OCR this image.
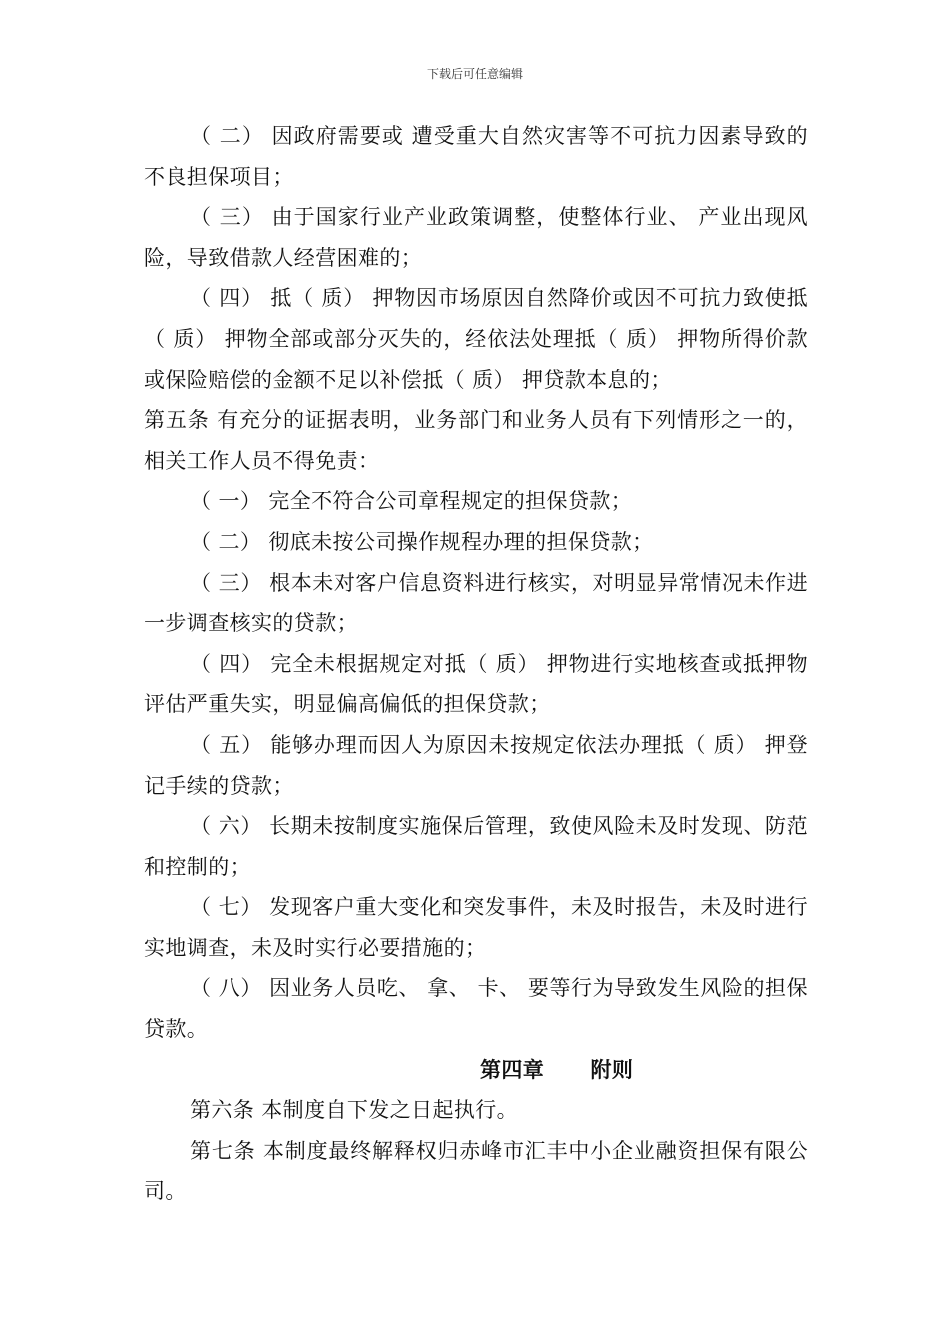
下载后可任意编辑

（ 二） 因政府需要或 遭受重大自然灾害等不可抗力因素导致的不良担保项目；

（ 三） 由于国家行业产业政策调整，使整体行业、 产业出现风险，导致借款人经营困难的；

（ 四） 抵（ 质） 押物因市场原因自然降价或因不可抗力致使抵（ 质） 押物全部或部分灭失的，经依法处理抵（ 质） 押物所得价款或保险赔偿的金额不足以补偿抵（ 质） 押贷款本息的；

第五条 有充分的证据表明，业务部门和业务人员有下列情形之一的，相关工作人员不得免责：

（ 一） 完全不符合公司章程规定的担保贷款；

（ 二） 彻底未按公司操作规程办理的担保贷款；

（ 三） 根本未对客户信息资料进行核实，对明显异常情况未作进一步调查核实的贷款；

（ 四） 完全未根据规定对抵（ 质） 押物进行实地核查或抵押物评估严重失实，明显偏高偏低的担保贷款；

（ 五） 能够办理而因人为原因未按规定依法办理抵（ 质） 押登记手续的贷款；

（ 六） 长期未按制度实施保后管理，致使风险未及时发现、防范和控制的；

（ 七） 发现客户重大变化和突发事件，未及时报告，未及时进行实地调查，未及时实行必要措施的；

（ 八） 因业务人员吃、 拿、 卡、 要等行为导致发生风险的担保贷款。

第四章      附则

第六条 本制度自下发之日起执行。

第七条 本制度最终解释权归赤峰市汇丰中小企业融资担保有限公司。
